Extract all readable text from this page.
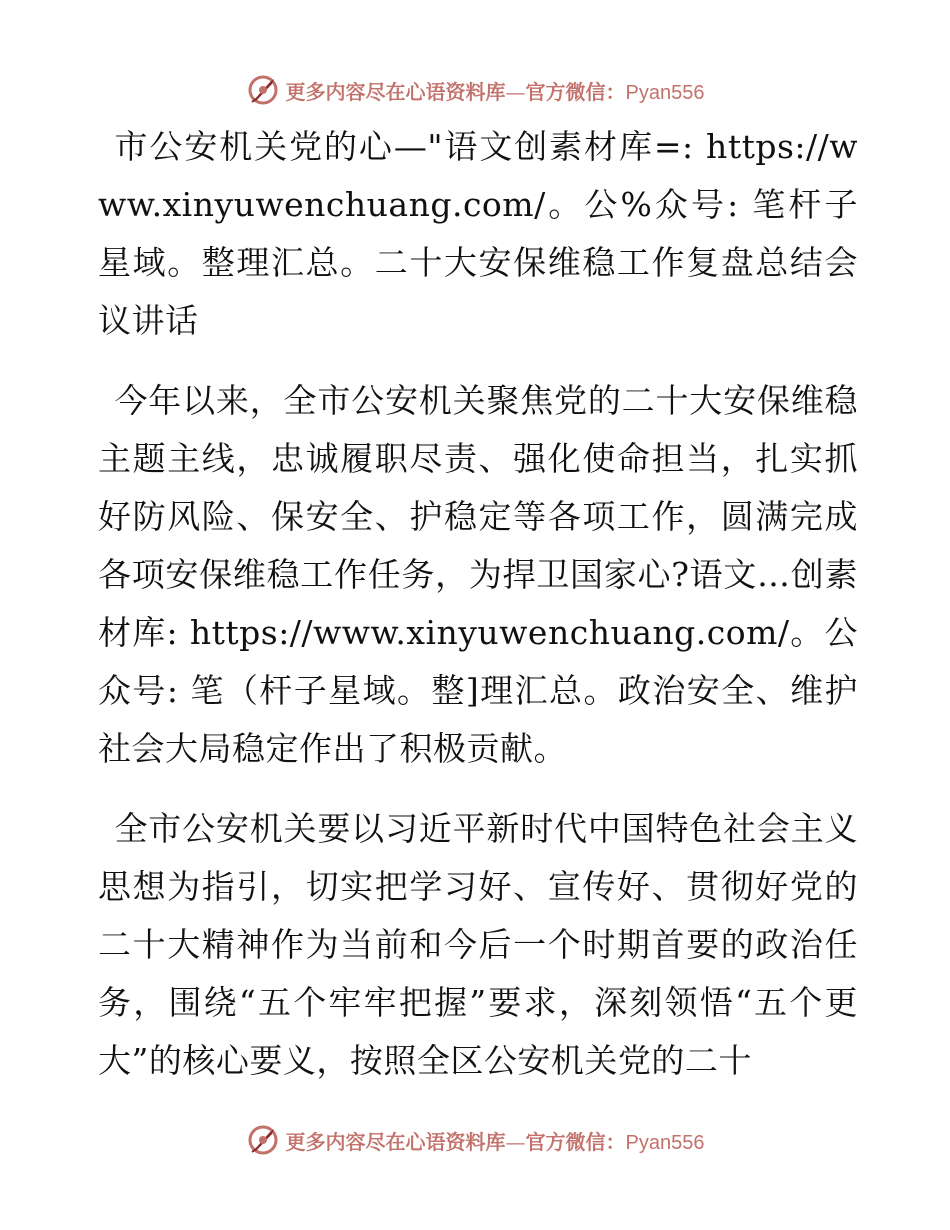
更多内容尽在心语资料库—官方微信：Pyan556

市公安机关党的心—"语文创素材库=: https://www.xinyuwenchuang.com/。公%众号: 笔杆子星域。整理汇总。二十大安保维稳工作复盘总结会议讲话

今年以来，全市公安机关聚焦党的二十大安保维稳主题主线，忠诚履职尽责、强化使命担当，扎实抓好防风险、保安全、护稳定等各项工作，圆满完成各项安保维稳工作任务，为捍卫国家心?语文…创素材库: https://www.xinyuwenchuang.com/。公众号: 笔（杆子星域。整]理汇总。政治安全、维护社会大局稳定作出了积极贡献。

全市公安机关要以习近平新时代中国特色社会主义思想为指引，切实把学习好、宣传好、贯彻好党的二十大精神作为当前和今后一个时期首要的政治任务，围绕“五个牢牢把握”要求，深刻领悟“五个更大”的核心要义，按照全区公安机关党的二十

更多内容尽在心语资料库—官方微信：Pyan556
